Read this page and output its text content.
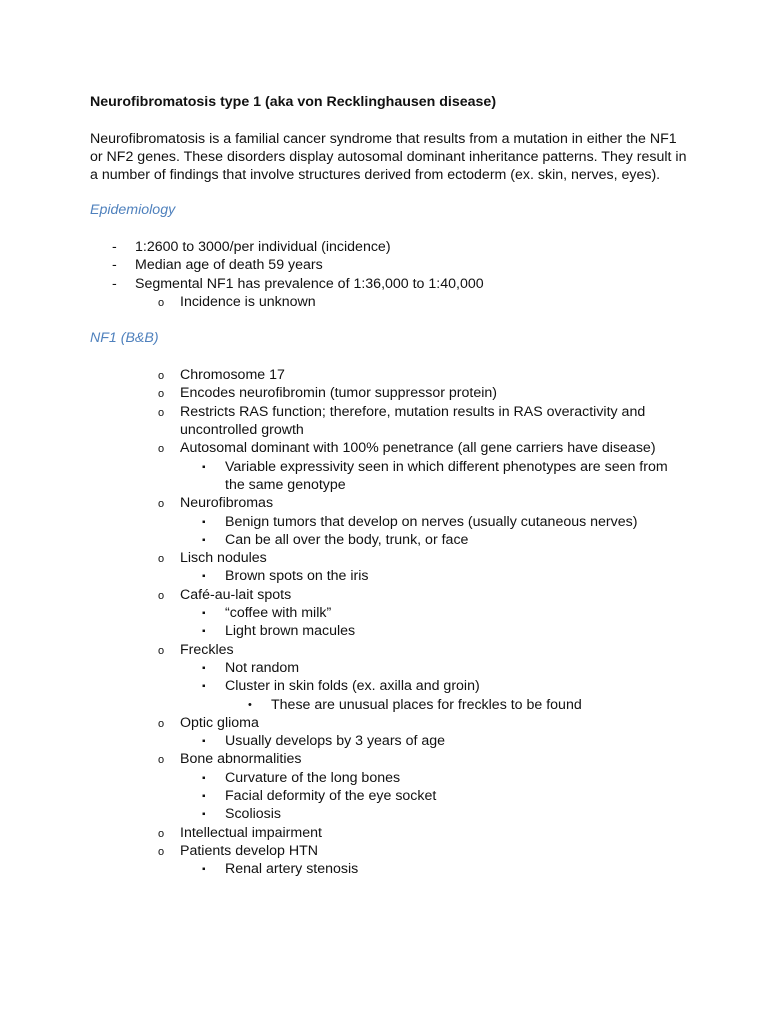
Neurofibromatosis type 1 (aka von Recklinghausen disease)

Neurofibromatosis is a familial cancer syndrome that results from a mutation in either the NF1 or NF2 genes. These disorders display autosomal dominant inheritance patterns. They result in a number of findings that involve structures derived from ectoderm (ex. skin, nerves, eyes).

Epidemiology

- 1:2600 to 3000/per individual (incidence)
- Median age of death 59 years
- Segmental NF1 has prevalence of 1:36,000 to 1:40,000
o Incidence is unknown

NF1 (B&B)

o Chromosome 17
o Encodes neurofibromin (tumor suppressor protein)
o Restricts RAS function; therefore, mutation results in RAS overactivity and uncontrolled growth
o Autosomal dominant with 100% penetrance (all gene carriers have disease)
▪ Variable expressivity seen in which different phenotypes are seen from the same genotype
o Neurofibromas
▪ Benign tumors that develop on nerves (usually cutaneous nerves)
▪ Can be all over the body, trunk, or face
o Lisch nodules
▪ Brown spots on the iris
o Café-au-lait spots
▪ “coffee with milk”
▪ Light brown macules
o Freckles
▪ Not random
▪ Cluster in skin folds (ex. axilla and groin)
• These are unusual places for freckles to be found
o Optic glioma
▪ Usually develops by 3 years of age
o Bone abnormalities
▪ Curvature of the long bones
▪ Facial deformity of the eye socket
▪ Scoliosis
o Intellectual impairment
o Patients develop HTN
▪ Renal artery stenosis
